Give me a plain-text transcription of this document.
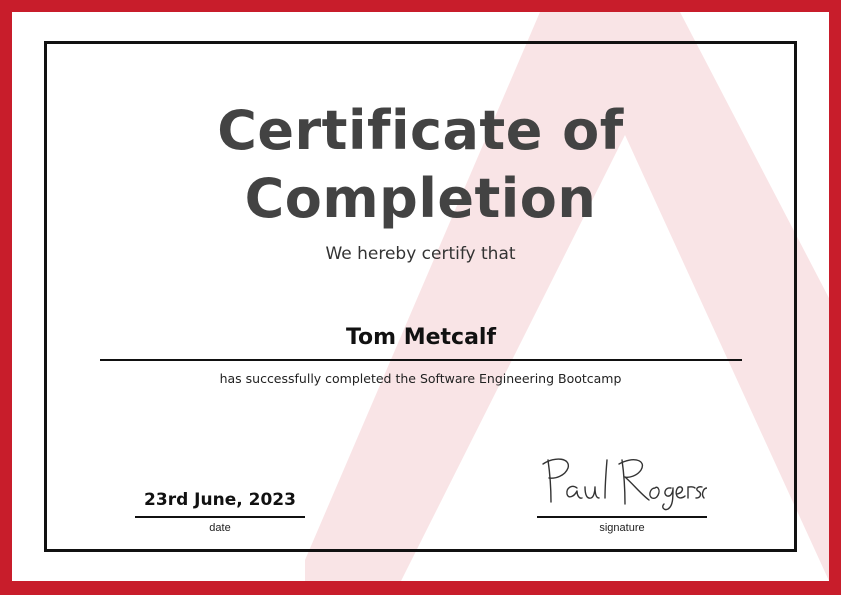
Certificate of
Completion
We hereby certify that
Tom Metcalf
has successfully completed the Software Engineering Bootcamp
23rd June, 2023
date	signature
